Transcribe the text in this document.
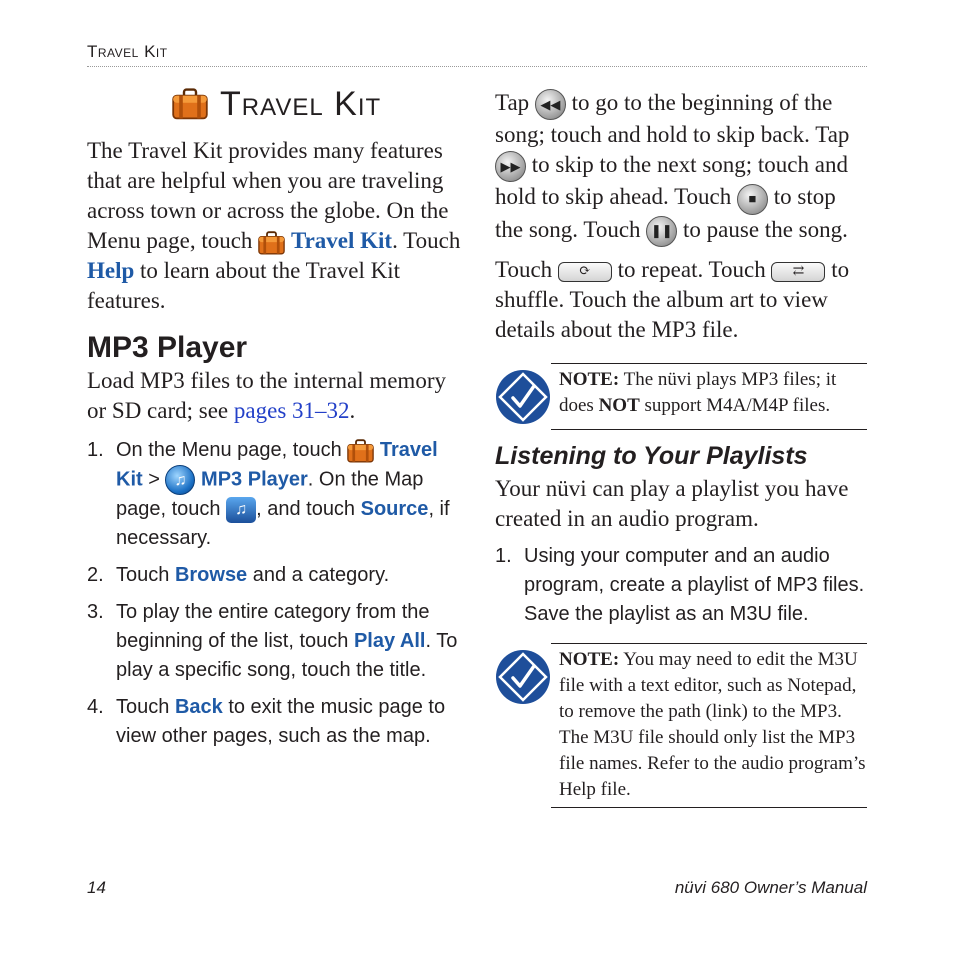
Travel Kit
Travel Kit

The Travel Kit provides many features that are helpful when you are traveling across town or across the globe. On the Menu page, touch Travel Kit. Touch Help to learn about the Travel Kit features.

MP3 Player

Load MP3 files to the internal memory or SD card; see pages 31–32.

1. On the Menu page, touch Travel Kit > ♫ MP3 Player. On the Map page, touch ♫ , and touch Source, if necessary.
2. Touch Browse and a category.
3. To play the entire category from the beginning of the list, touch Play All. To play a specific song, touch the title.
4. Touch Back to exit the music page to view other pages, such as the map.

Tap ◀◀ to go to the beginning of the song; touch and hold to skip back. Tap ▶▶ to skip to the next song; touch and hold to skip ahead. Touch ■ to stop the song. Touch ❚❚ to pause the song.

Touch ⟳ to repeat. Touch ⇄ to shuffle. Touch the album art to view details about the MP3 file.

NOTE: The nüvi plays MP3 files; it does NOT support M4A/M4P files.
Listening to Your Playlists

Your nüvi can play a playlist you have created in an audio program.

1. Using your computer and an audio program, create a playlist of MP3 files. Save the playlist as an M3U file.
NOTE: You may need to edit the M3U file with a text editor, such as Notepad, to remove the path (link) to the MP3. The M3U file should only list the MP3 file names. Refer to the audio program’s Help file.
14	nüvi 680 Owner’s Manual
